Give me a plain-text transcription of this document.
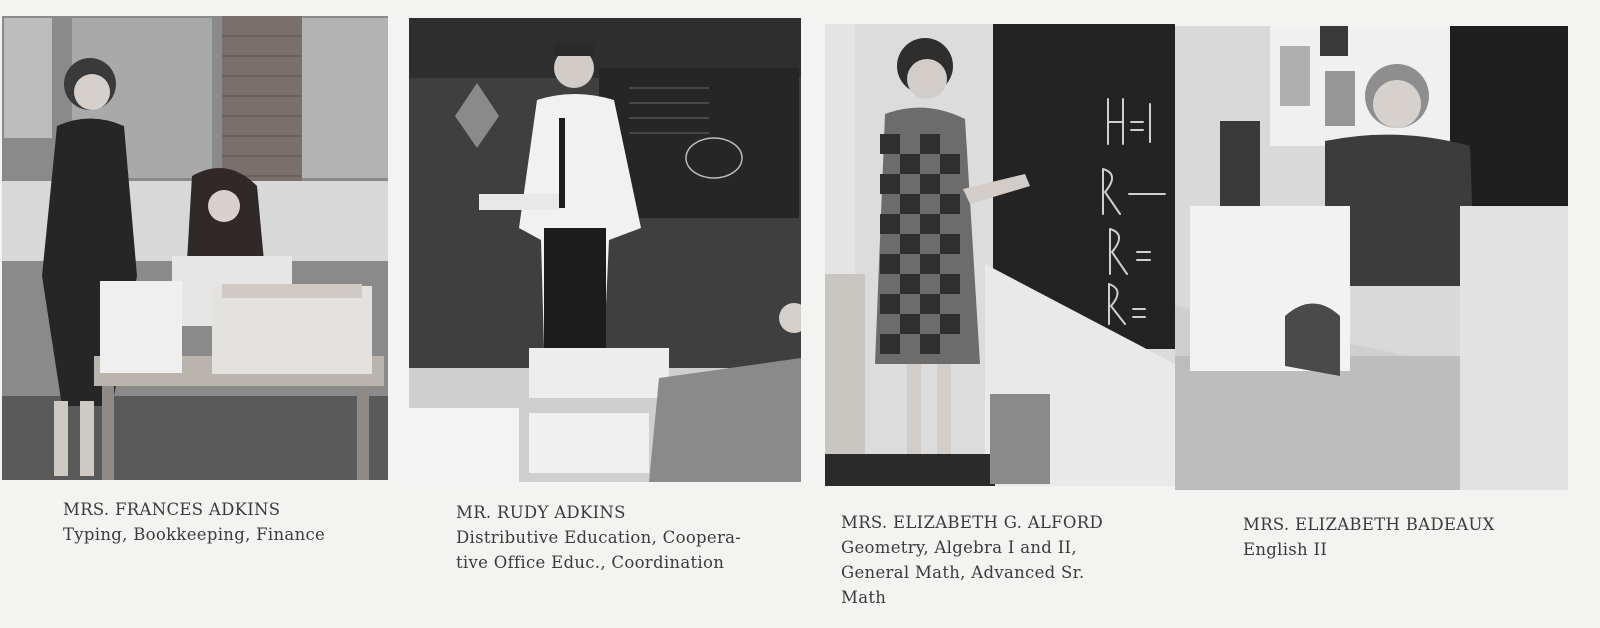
MRS. FRANCES ADKINS
Typing, Bookkeeping, Finance
MR. RUDY ADKINS
Distributive Education, Coopera-
tive Office Educ., Coordination
MRS. ELIZABETH G. ALFORD
Geometry, Algebra I and II,
General Math, Advanced Sr.
Math
MRS. ELIZABETH BADEAUX
English II
